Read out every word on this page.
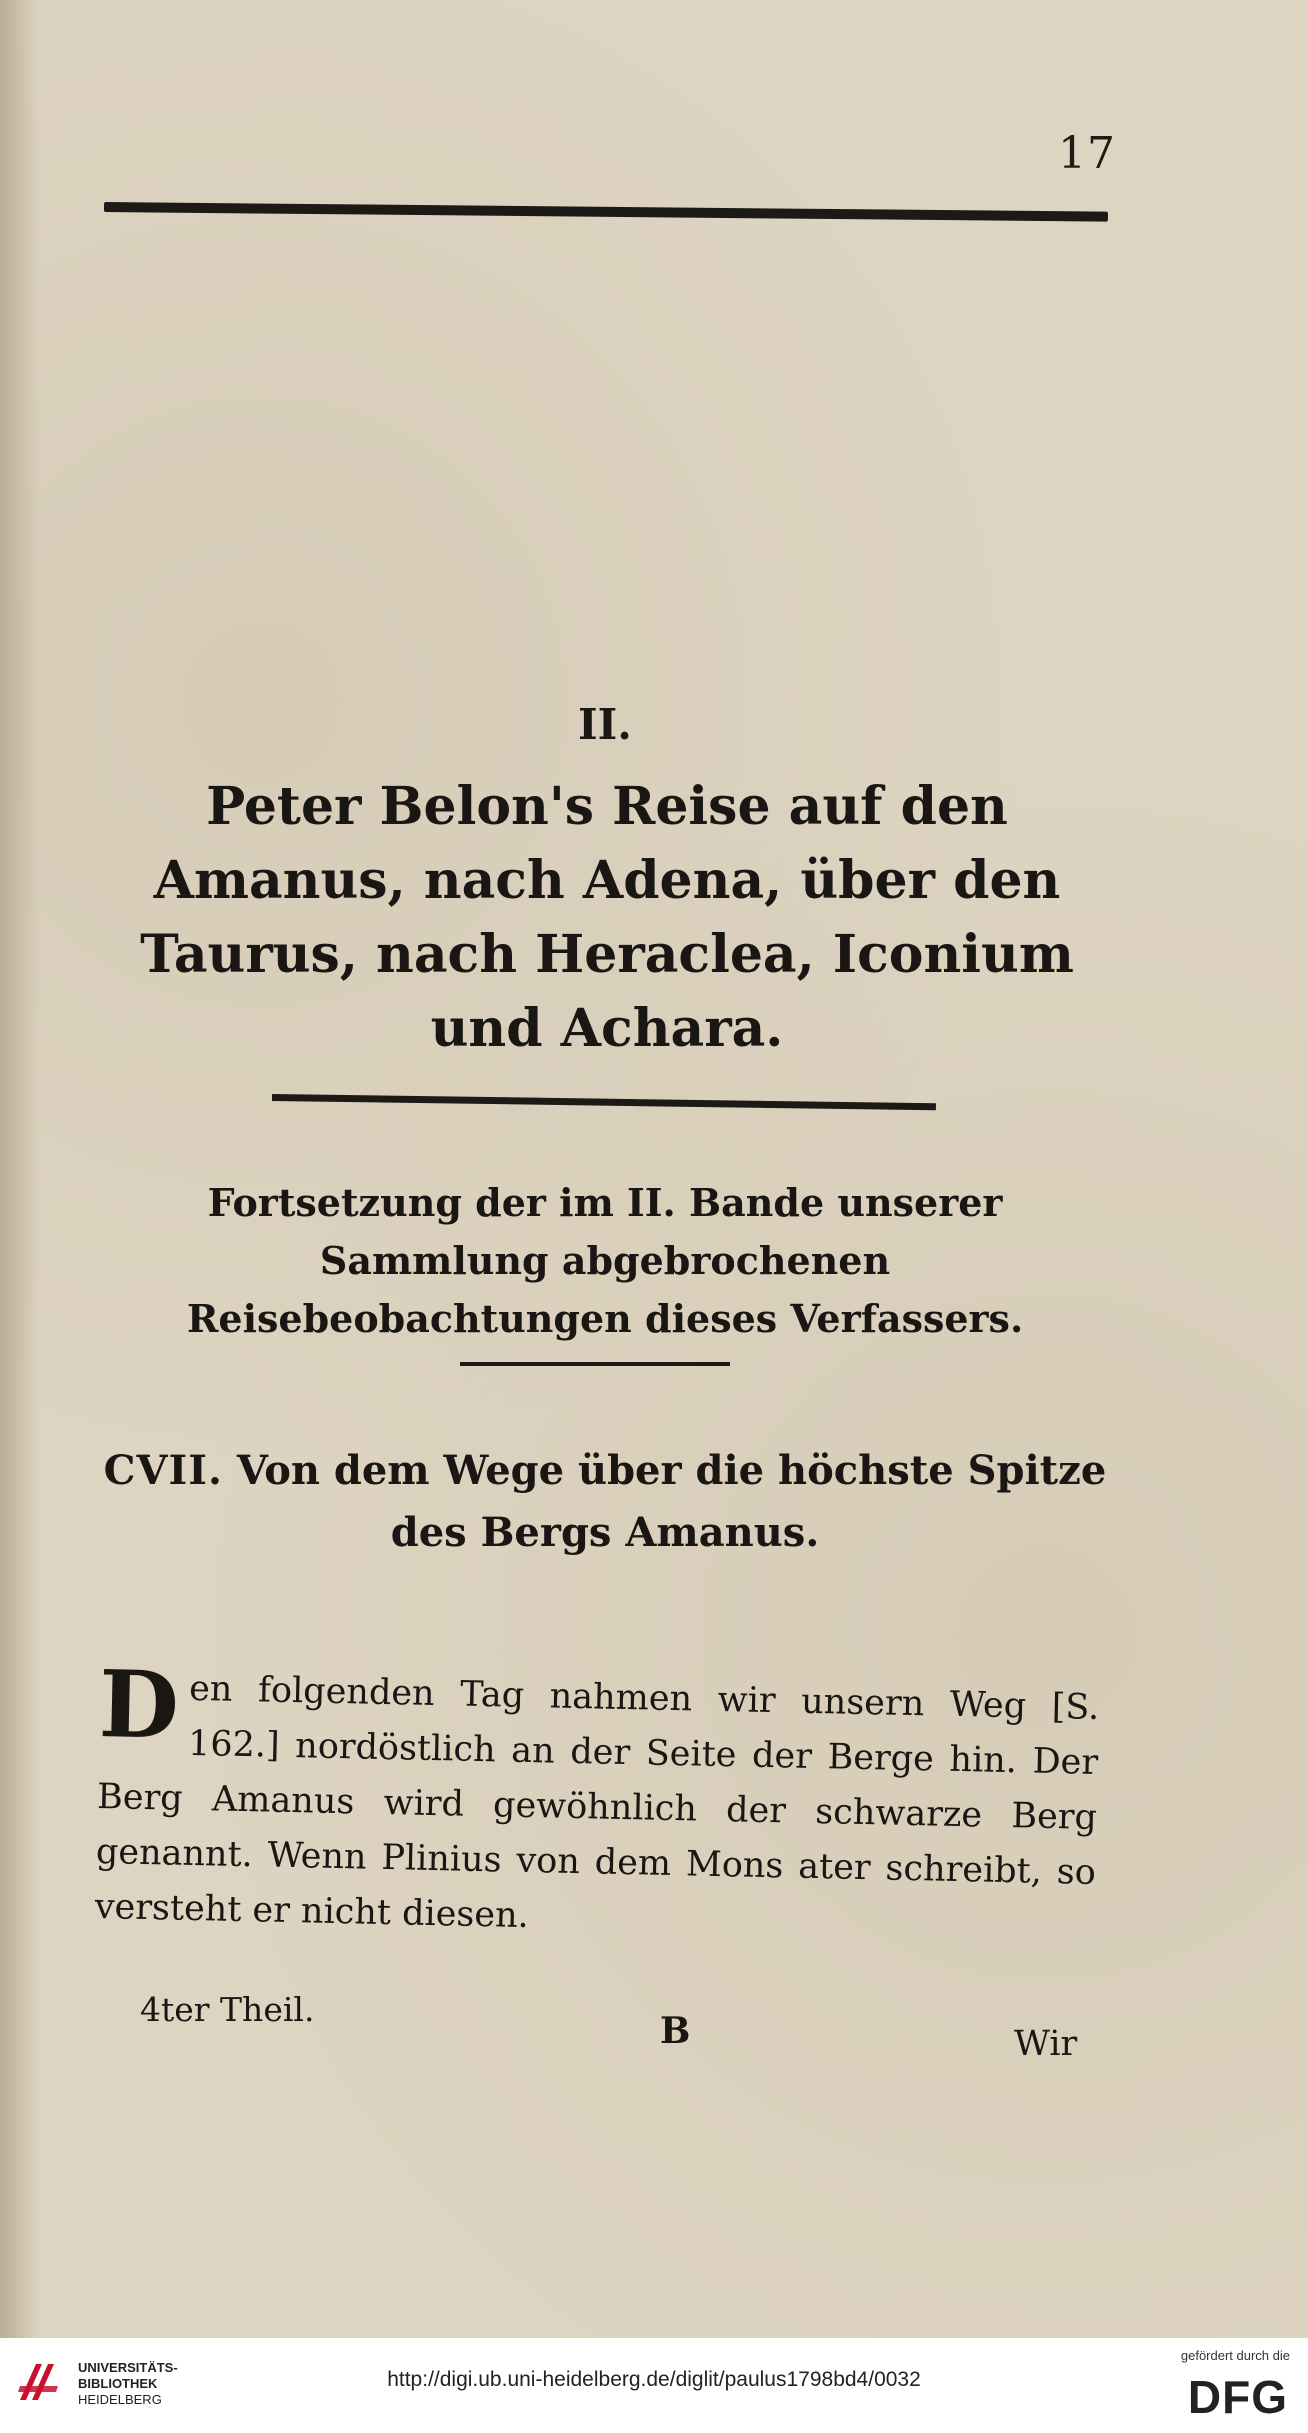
17
II.
Peter Belon's Reise auf den Amanus, nach Adena, über den Taurus, nach Heraclea, Iconium und Achara.
Fortsetzung der im II. Bande unserer Sammlung abgebrochenen Reisebeobachtungen dieses Verfassers.
CVII. Von dem Wege über die höchste Spitze des Bergs Amanus.
Den folgenden Tag nahmen wir unsern Weg [S. 162.] nordöstlich an der Seite der Berge hin. Der Berg Amanus wird gewöhnlich der schwarze Berg genannt. Wenn Plinius von dem Mons ater schreibt, so versteht er nicht diesen.
4ter Theil.
B	Wir
UNIVERSITÄTS-
BIBLIOTHEK
HEIDELBERG
http://digi.ub.uni-heidelberg.de/diglit/paulus1798bd4/0032
gefördert durch die
DFG
